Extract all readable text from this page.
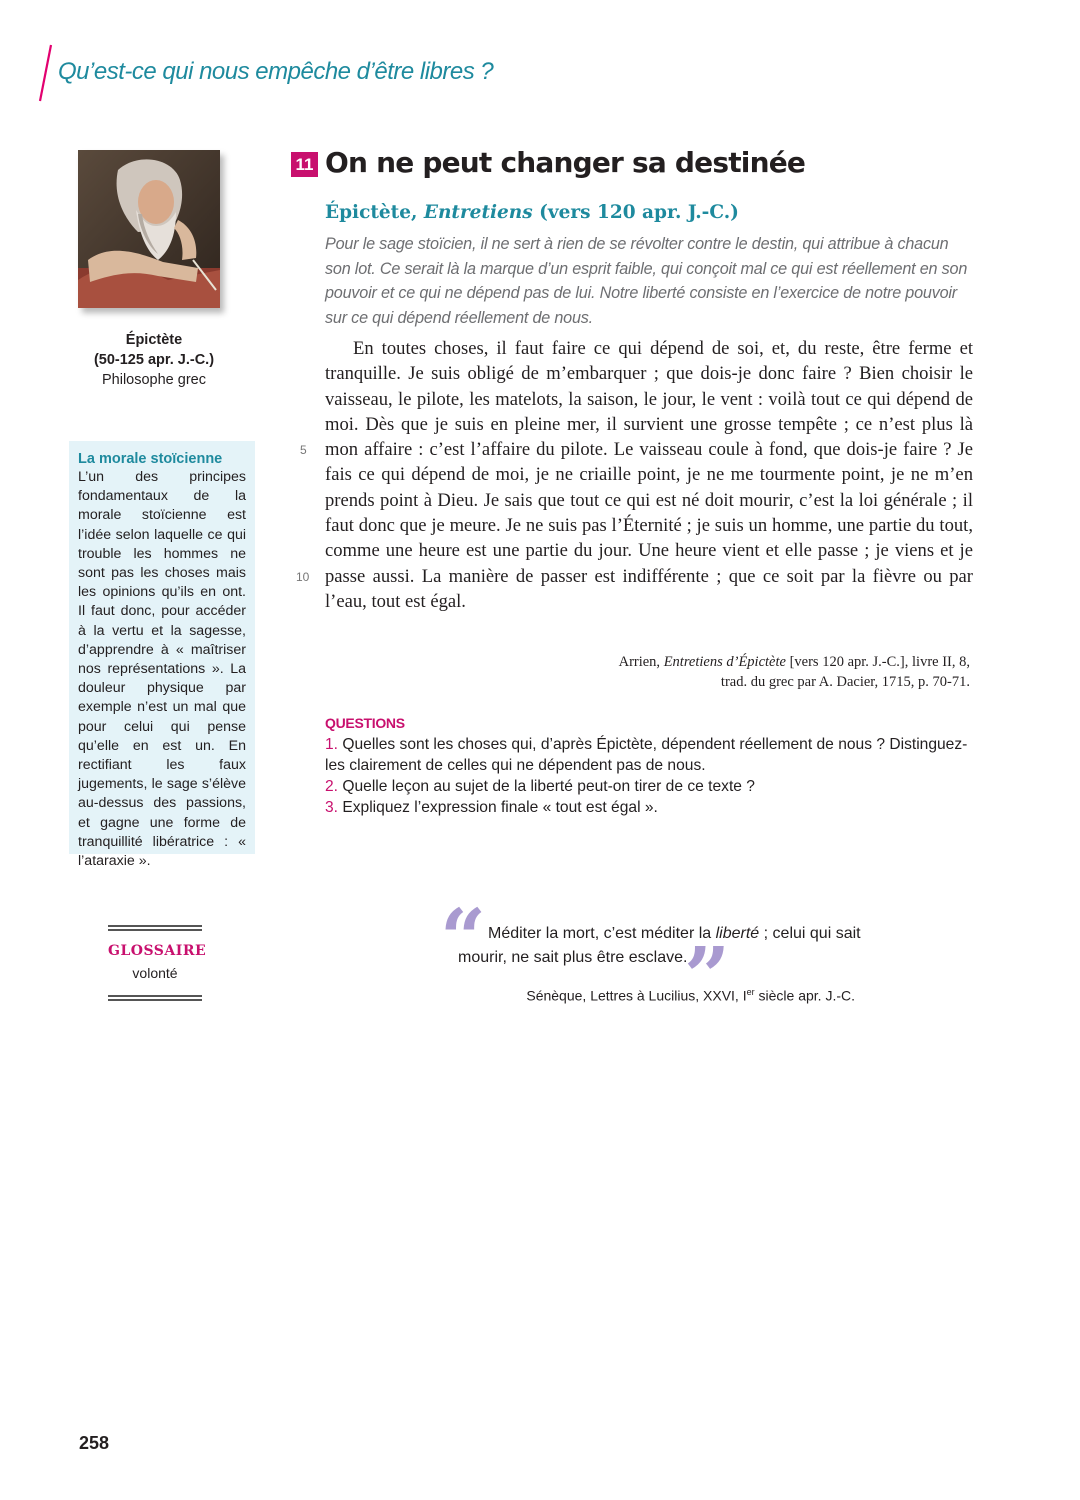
Qu’est-ce qui nous empêche d’être libres ?
Épictète
(50-125 apr. J.-C.)
Philosophe grec
La morale stoïcienne
L’un des principes fondamentaux de la morale stoïcienne est l’idée selon laquelle ce qui trouble les hommes ne sont pas les choses mais les opinions qu’ils en ont. Il faut donc, pour accéder à la vertu et la sagesse, d’apprendre à « maîtriser nos représentations ». La douleur physique par exemple n’est un mal que pour celui qui pense qu’elle en est un. En rectifiant les faux jugements, le sage s’élève au-dessus des passions, et gagne une forme de tranquillité libératrice : « l’ataraxie ».
GLOSSAIRE
volonté
11 On ne peut changer sa destinée
Épictète, Entretiens (vers 120 apr. J.-C.)
Pour le sage stoïcien, il ne sert à rien de se révolter contre le destin, qui attribue à chacun son lot. Ce serait là la marque d’un esprit faible, qui conçoit mal ce qui est réellement en son pouvoir et ce qui ne dépend pas de lui. Notre liberté consiste en l’exercice de notre pouvoir sur ce qui dépend réellement de nous.

En toutes choses, il faut faire ce qui dépend de soi, et, du reste, être ferme et tranquille. Je suis obligé de m’embarquer ; que dois-je donc faire ? Bien choisir le vaisseau, le pilote, les matelots, la saison, le jour, le vent : voilà tout ce qui dépend de moi. Dès que je suis en pleine mer, il survient une grosse tempête ; ce n’est plus là mon affaire : c’est l’affaire du pilote. Le vaisseau coule à fond, que dois-je faire ? Je fais ce qui dépend de moi, je ne criaille point, je ne me tourmente point, je ne m’en prends point à Dieu. Je sais que tout ce qui est né doit mourir, c’est la loi générale ; il faut donc que je meure. Je ne suis pas l’Éternité ; je suis un homme, une partie du tout, comme une heure est une partie du jour. Une heure vient et elle passe ; je viens et je passe aussi. La manière de passer est indifférente ; que ce soit par la fièvre ou par l’eau, tout est égal.

5
10
Arrien, Entretiens d’Épictète [vers 120 apr. J.-C.], livre II, 8,
trad. du grec par A. Dacier, 1715, p. 70-71.
QUESTIONS
1. Quelles sont les choses qui, d’après Épictète, dépendent réellement de nous ? Distinguez-les clairement de celles qui ne dépendent pas de nous.
2. Quelle leçon au sujet de la liberté peut-on tirer de ce texte ?
3. Expliquez l’expression finale « tout est égal ».
“ Méditer la mort, c’est méditer la liberté ; celui qui sait
mourir, ne sait plus être esclave.
”
Sénèque, Lettres à Lucilius, XXVI, Ier siècle apr. J.-C.
258
